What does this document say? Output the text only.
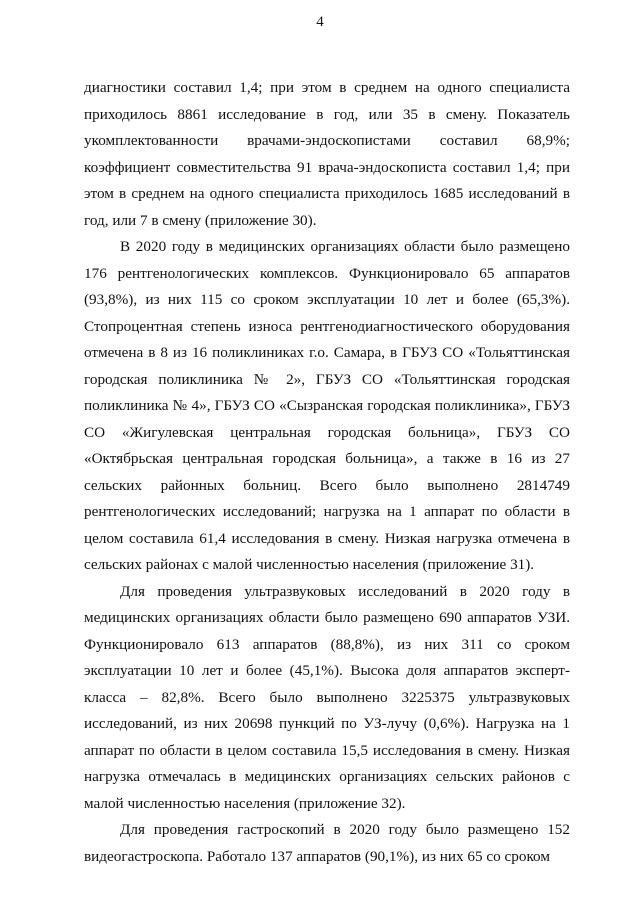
4

диагностики составил 1,4; при этом в среднем на одного специалиста приходилось 8861 исследование в год, или 35 в смену. Показатель укомплектованности врачами-эндоскопистами составил 68,9%; коэффициент совместительства 91 врача-эндоскописта составил 1,4; при этом в среднем на одного специалиста приходилось 1685 исследований в год, или 7 в смену (приложение 30).

В 2020 году в медицинских организациях области было размещено 176 рентгенологических комплексов. Функционировало 65 аппаратов (93,8%), из них 115 со сроком эксплуатации 10 лет и более (65,3%). Стопроцентная степень износа рентгенодиагностического оборудования отмечена в 8 из 16 поликлиниках г.о. Самара, в ГБУЗ СО «Тольяттинская городская поликлиника № 2», ГБУЗ СО «Тольяттинская городская поликлиника № 4», ГБУЗ СО «Сызранская городская поликлиника», ГБУЗ СО «Жигулевская центральная городская больница», ГБУЗ СО «Октябрьская центральная городская больница», а также в 16 из 27 сельских районных больниц. Всего было выполнено 2814749 рентгенологических исследований; нагрузка на 1 аппарат по области в целом составила 61,4 исследования в смену. Низкая нагрузка отмечена в сельских районах с малой численностью населения (приложение 31).

Для проведения ультразвуковых исследований в 2020 году в медицинских организациях области было размещено 690 аппаратов УЗИ. Функционировало 613 аппаратов (88,8%), из них 311 со сроком эксплуатации 10 лет и более (45,1%). Высока доля аппаратов эксперт-класса – 82,8%. Всего было выполнено 3225375 ультразвуковых исследований, из них 20698 пункций по УЗ-лучу (0,6%). Нагрузка на 1 аппарат по области в целом составила 15,5 исследования в смену. Низкая нагрузка отмечалась в медицинских организациях сельских районов с малой численностью населения (приложение 32).

Для проведения гастроскопий в 2020 году было размещено 152 видеогастроскопа. Работало 137 аппаратов (90,1%), из них 65 со сроком
